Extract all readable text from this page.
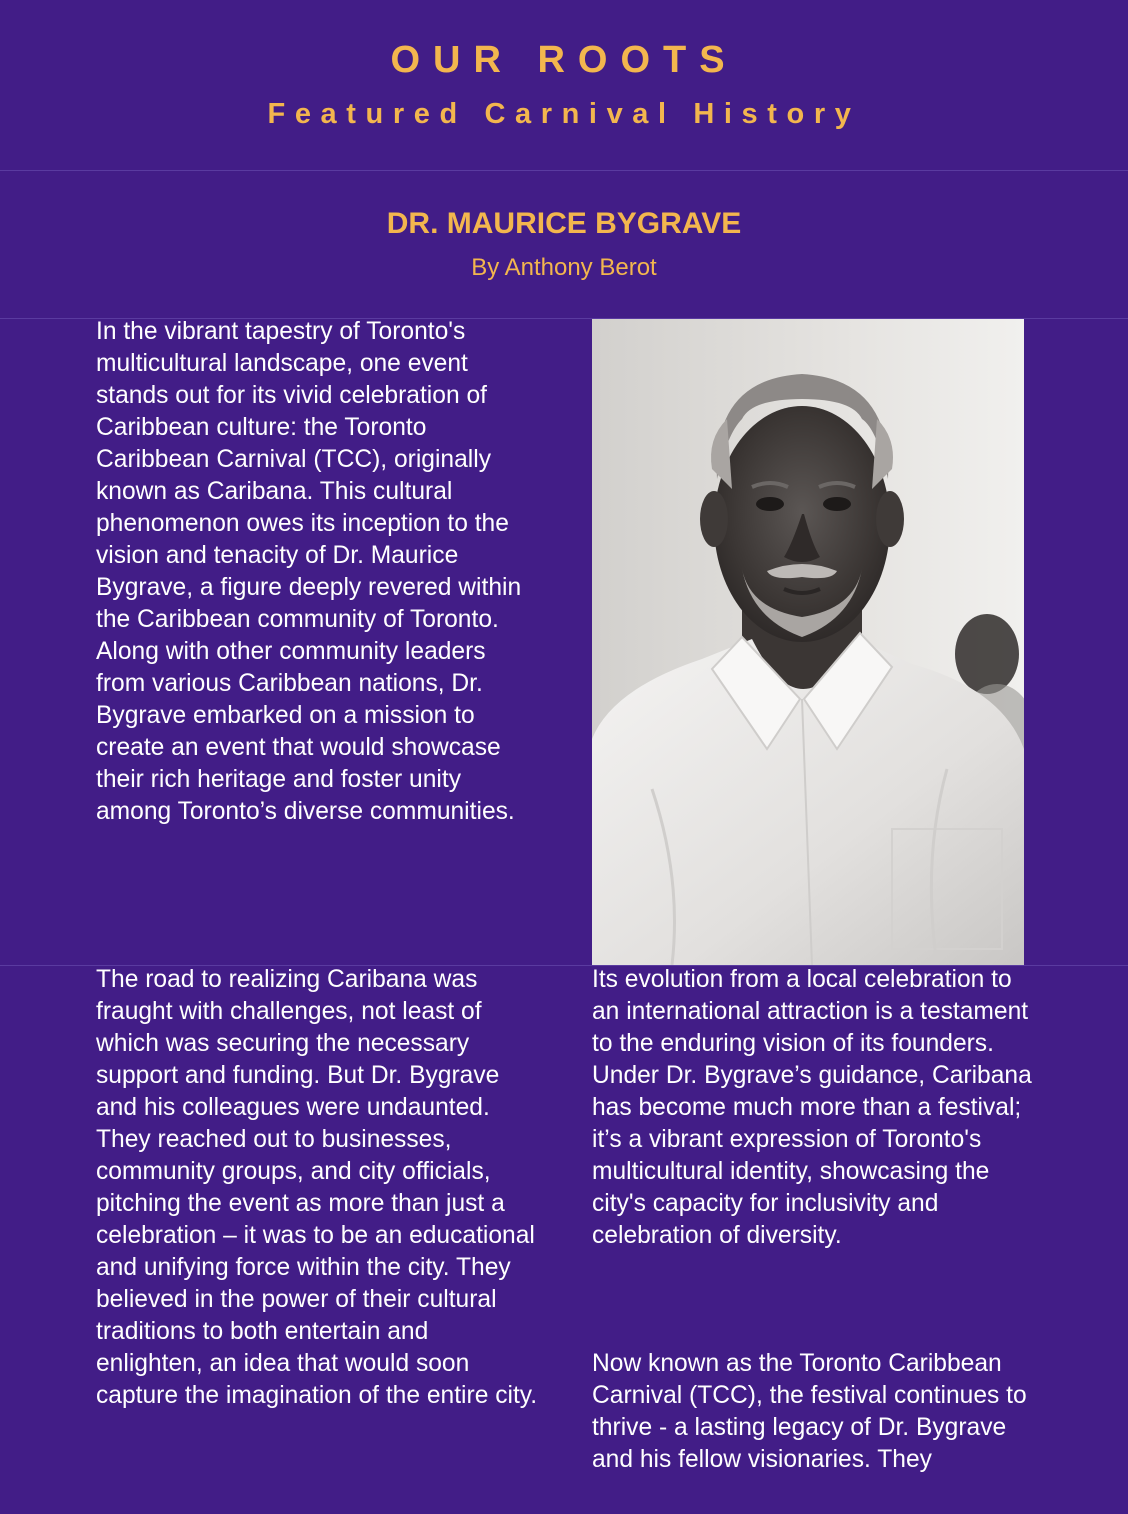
OUR ROOTS
Featured Carnival History
DR. MAURICE BYGRAVE
By Anthony Berot

In the vibrant tapestry of Toronto's multicultural landscape, one event stands out for its vivid celebration of Caribbean culture: the Toronto Caribbean Carnival (TCC), originally known as Caribana. This cultural phenomenon owes its inception to the vision and tenacity of Dr. Maurice Bygrave, a figure deeply revered within the Caribbean community of Toronto. Along with other community leaders from various Caribbean nations, Dr. Bygrave embarked on a mission to create an event that would showcase their rich heritage and foster unity among Toronto’s diverse communities.

The road to realizing Caribana was fraught with challenges, not least of which was securing the necessary support and funding. But Dr. Bygrave and his colleagues were undaunted. They reached out to businesses, community groups, and city officials, pitching the event as more than just a celebration – it was to be an educational and unifying force within the city. They believed in the power of their cultural traditions to both entertain and enlighten, an idea that would soon capture the imagination of the entire city.

Its evolution from a local celebration to an international attraction is a testament to the enduring vision of its founders. Under Dr. Bygrave’s guidance, Caribana has become much more than a festival; it’s a vibrant expression of Toronto's multicultural identity, showcasing the city's capacity for inclusivity and celebration of diversity.

Now known as the Toronto Caribbean Carnival (TCC), the festival continues to thrive - a lasting legacy of Dr. Bygrave and his fellow visionaries. They
